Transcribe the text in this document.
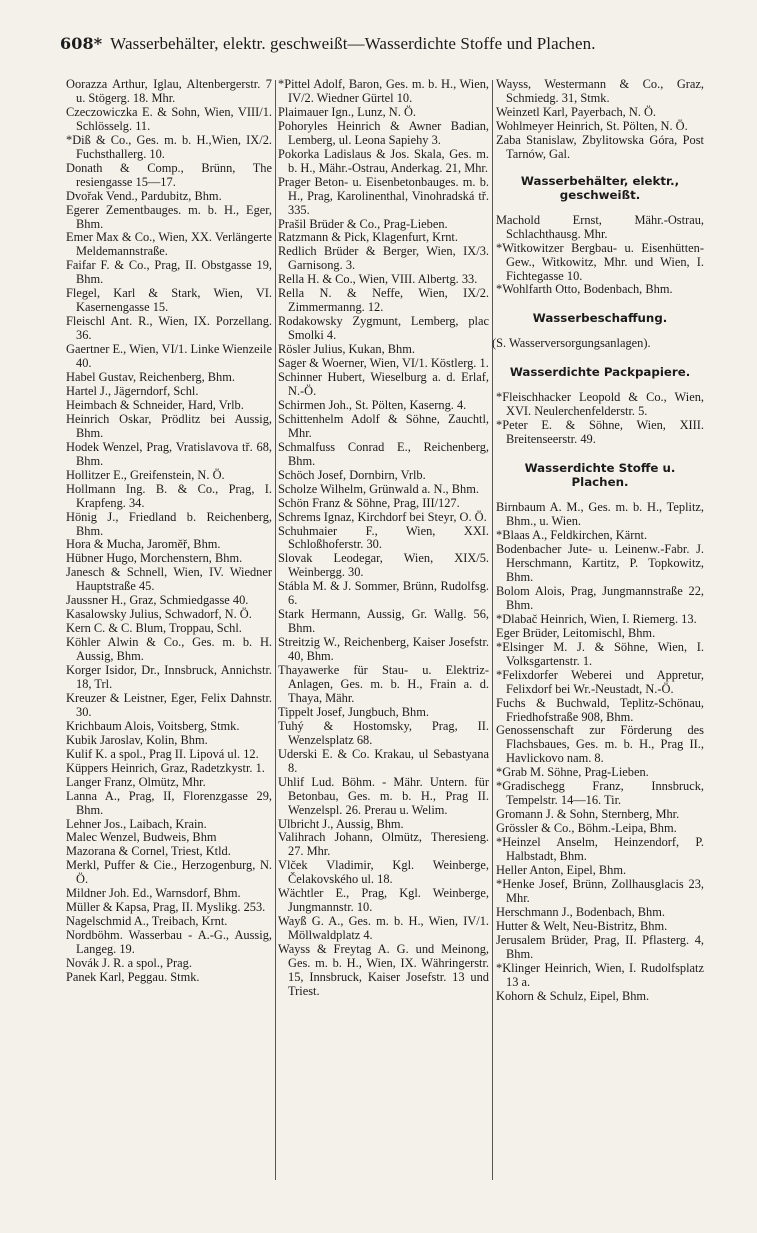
608* Wasserbehälter, elektr. geschweißt—Wasserdichte Stoffe und Plachen.
Oorazza Arthur, Iglau, Altenbergerstr. 7 u. Stögerg. 18. Mhr.
Czeczowiczka E. & Sohn, Wien, VIII/1. Schlösselg. 11.
*Diß & Co., Ges. m. b. H.,Wien, IX/2. Fuchsthallerg. 10.
Donath & Comp., Brünn, The resiengasse 15—17.
Dvořak Vend., Pardubitz, Bhm.
Egerer Zementbauges. m. b. H., Eger, Bhm.
Emer Max & Co., Wien, XX. Verlängerte Meldemannstraße.
Faifar F. & Co., Prag, II. Obstgasse 19, Bhm.
Flegel, Karl & Stark, Wien, VI. Kasernengasse 15.
Fleischl Ant. R., Wien, IX. Porzellang. 36.
Gaertner E., Wien, VI/1. Linke Wienzeile 40.
Habel Gustav, Reichenberg, Bhm.
Hartel J., Jägerndorf, Schl.
Heimbach & Schneider, Hard, Vrlb.
Heinrich Oskar, Prödlitz bei Aussig, Bhm.
Hodek Wenzel, Prag, Vratislavova tř. 68, Bhm.
Hollitzer E., Greifenstein, N. Ö.
Hollmann Ing. B. & Co., Prag, I. Krapfeng. 34.
Hönig J., Friedland b. Reichenberg, Bhm.
Hora & Mucha, Jaroměř, Bhm.
Hübner Hugo, Morchenstern, Bhm.
Janesch & Schnell, Wien, IV. Wiedner Hauptstraße 45.
Jaussner H., Graz, Schmiedgasse 40.
Kasalowsky Julius, Schwadorf, N. Ö.
Kern C. & C. Blum, Troppau, Schl.
Köhler Alwin & Co., Ges. m. b. H. Aussig, Bhm.
Korger Isidor, Dr., Innsbruck, Annichstr. 18, Trl.
Kreuzer & Leistner, Eger, Felix Dahnstr. 30.
Krichbaum Alois, Voitsberg, Stmk.
Kubik Jaroslav, Kolin, Bhm.
Kulif K. a spol., Prag II. Lipová ul. 12.
Küppers Heinrich, Graz, Radetzkystr. 1.
Langer Franz, Olmütz, Mhr.
Lanna A., Prag, II, Florenzgasse 29, Bhm.
Lehner Jos., Laibach, Krain.
Malec Wenzel, Budweis, Bhm
Mazorana & Cornel, Triest, Ktld.
Merkl, Puffer & Cie., Herzogenburg, N. Ö.
Mildner Joh. Ed., Warnsdorf, Bhm.
Müller & Kapsa, Prag, II. Myslikg. 253.
Nagelschmid A., Treibach, Krnt.
Nordböhm. Wasserbau - A.-G., Aussig, Langeg. 19.
Novák J. R. a spol., Prag.
Panek Karl, Peggau. Stmk.
*Pittel Adolf, Baron, Ges. m. b. H., Wien, IV/2. Wiedner Gürtel 10.
Plaimauer Ign., Lunz, N. Ö.
Pohoryles Heinrich & Awner Badian, Lemberg, ul. Leona Sapiehy 3.
Pokorka Ladislaus & Jos. Skala, Ges. m. b. H., Mähr.-Ostrau, Anderkag. 21, Mhr.
Prager Beton- u. Eisenbetonbauges. m. b. H., Prag, Karolinenthal, Vinohradská tř. 335.
Prašil Brüder & Co., Prag-Lieben.
Ratzmann & Pick, Klagenfurt, Krnt.
Redlich Brüder & Berger, Wien, IX/3. Garnisong. 3.
Rella H. & Co., Wien, VIII. Albertg. 33.
Rella N. & Neffe, Wien, IX/2. Zimmermanng. 12.
Rodakowsky Zygmunt, Lemberg, plac Smolki 4.
Rösler Julius, Kukan, Bhm.
Sager & Woerner, Wien, VI/1. Köstlerg. 1.
Schinner Hubert, Wieselburg a. d. Erlaf, N.-Ö.
Schirmen Joh., St. Pölten, Kaserng. 4.
Schittenhelm Adolf & Söhne, Zauchtl, Mhr.
Schmalfuss Conrad E., Reichenberg, Bhm.
Schöch Josef, Dornbirn, Vrlb.
Scholze Wilhelm, Grünwald a. N., Bhm.
Schön Franz & Söhne, Prag, III/127.
Schrems Ignaz, Kirchdorf bei Steyr, O. Ö.
Schuhmaier F., Wien, XXI. Schloßhoferstr. 30.
Slovak Leodegar, Wien, XIX/5. Weinbergg. 30.
Stábla M. & J. Sommer, Brünn, Rudolfsg. 6.
Stark Hermann, Aussig, Gr. Wallg. 56, Bhm.
Streitzig W., Reichenberg, Kaiser Josefstr. 40, Bhm.
Thayawerke für Stau- u. Elektriz-Anlagen, Ges. m. b. H., Frain a. d. Thaya, Mähr.
Tippelt Josef, Jungbuch, Bhm.
Tuhý & Hostomsky, Prag, II. Wenzelsplatz 68.
Uderski E. & Co. Krakau, ul Sebastyana 8.
Uhlif Lud. Böhm. - Mähr. Untern. für Betonbau, Ges. m. b. H., Prag II. Wenzelspl. 26. Prerau u. Welim.
Ulbricht J., Aussig, Bhm.
Valihrach Johann, Olmütz, Theresieng. 27. Mhr.
Vlček Vladimir, Kgl. Weinberge, Čelakovského ul. 18.
Wächtler E., Prag, Kgl. Weinberge, Jungmannstr. 10.
Wayß G. A., Ges. m. b. H., Wien, IV/1. Möllwaldplatz 4.
Wayss & Freytag A. G. und Meinong, Ges. m. b. H., Wien, IX. Währingerstr. 15, Innsbruck, Kaiser Josefstr. 13 und Triest.
Wayss, Westermann & Co., Graz, Schmiedg. 31, Stmk.
Weinzetl Karl, Payerbach, N. Ö.
Wohlmeyer Heinrich, St. Pölten, N. Ö.
Zaba Stanislaw, Zbylitowska Góra, Post Tarnów, Gal.
Wasserbehälter, elektr., geschweißt.
Machold Ernst, Mähr.-Ostrau, Schlachthausg. Mhr.
*Witkowitzer Bergbau- u. Eisenhütten-Gew., Witkowitz, Mhr. und Wien, I. Fichtegasse 10.
*Wohlfarth Otto, Bodenbach, Bhm.
Wasserbeschaffung.
(S. Wasserversorgungsanlagen).
Wasserdichte Packpapiere.
*Fleischhacker Leopold & Co., Wien, XVI. Neulerchenfelderstr. 5.
*Peter E. & Söhne, Wien, XIII. Breitenseerstr. 49.
Wasserdichte Stoffe u. Plachen.
Birnbaum A. M., Ges. m. b. H., Teplitz, Bhm., u. Wien.
*Blaas A., Feldkirchen, Kärnt.
Bodenbacher Jute- u. Leinenw.-Fabr. J. Herschmann, Kartitz, P. Topkowitz, Bhm.
Bolom Alois, Prag, Jungmannstraße 22, Bhm.
*Dlabač Heinrich, Wien, I. Riemerg. 13.
Eger Brüder, Leitomischl, Bhm.
*Elsinger M. J. & Söhne, Wien, I. Volksgartenstr. 1.
*Felixdorfer Weberei und Appretur, Felixdorf bei Wr.-Neustadt, N.-Ö.
Fuchs & Buchwald, Teplitz-Schönau, Friedhofstraße 908, Bhm.
Genossenschaft zur Förderung des Flachsbaues, Ges. m. b. H., Prag II., Havlickovo nam. 8.
*Grab M. Söhne, Prag-Lieben.
*Gradischegg Franz, Innsbruck, Tempelstr. 14—16. Tir.
Gromann J. & Sohn, Sternberg, Mhr.
Grössler & Co., Böhm.-Leipa, Bhm.
*Heinzel Anselm, Heinzendorf, P. Halbstadt, Bhm.
Heller Anton, Eipel, Bhm.
*Henke Josef, Brünn, Zollhausglacis 23, Mhr.
Herschmann J., Bodenbach, Bhm.
Hutter & Welt, Neu-Bistritz, Bhm.
Jerusalem Brüder, Prag, II. Pflasterg. 4, Bhm.
*Klinger Heinrich, Wien, I. Rudolfsplatz 13 a.
Kohorn & Schulz, Eipel, Bhm.
